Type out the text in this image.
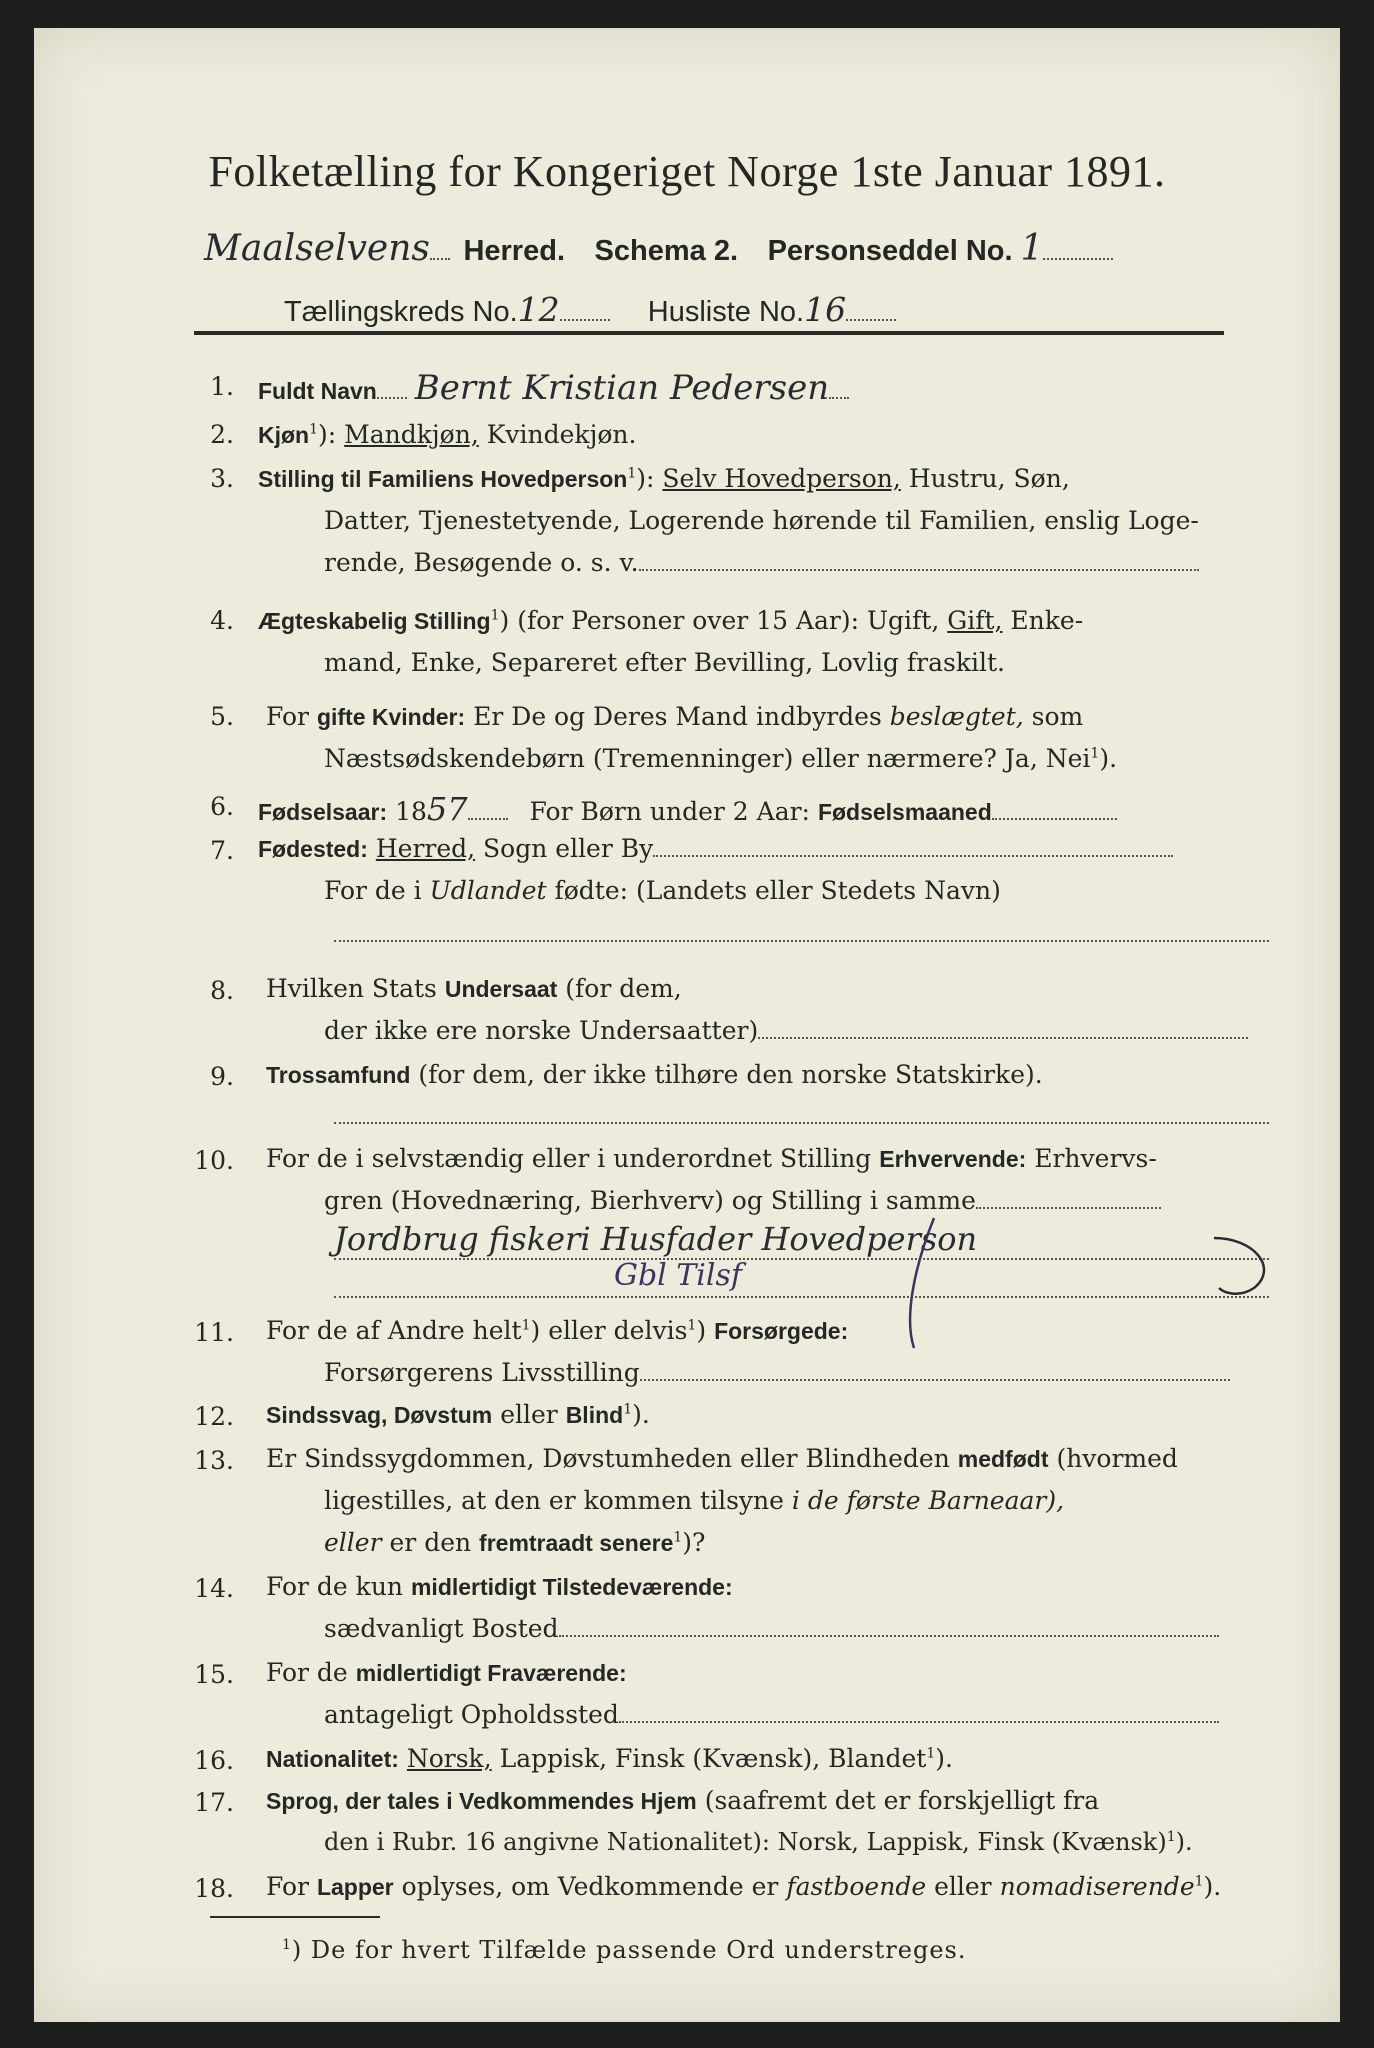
Folketælling for Kongeriget Norge 1ste Januar 1891.
Maalselvens Herred. Schema 2. Personseddel No. 1
Tællingskreds No.12	Husliste No.16
1. Fuldt Navn Bernt Kristian Pedersen
2. Kjøn$^1$): Mandkjøn, Kvindekjøn.
3. Stilling til Familiens Hovedperson$^1$): Selv Hovedperson, Hustru, Søn,
Datter, Tjenestetyende, Logerende hørende til Familien, enslig Loge-
rende, Besøgende o. s. v.
4. Ægteskabelig Stilling$^1$) (for Personer over 15 Aar): Ugift, Gift, Enke-
mand, Enke, Separeret efter Bevilling, Lovlig fraskilt.
5. For gifte Kvinder: Er De og Deres Mand indbyrdes beslægtet, som
Næstsødskendebørn (Tremenninger) eller nærmere? Ja, Nei$^1$).
6. Fødselsaar: 1857 For Børn under 2 Aar: Fødselsmaaned
7. Fødested: Herred, Sogn eller By
For de i Udlandet fødte: (Landets eller Stedets Navn)
8. Hvilken Stats Undersaat (for dem,
der ikke ere norske Undersaatter)
9. Trossamfund (for dem, der ikke tilhøre den norske Statskirke).
10. For de i selvstændig eller i underordnet Stilling Erhvervende: Erhvervs-
gren (Hovednæring, Bierhverv) og Stilling i samme
Jordbrug fiskeri Husfader Hovedperson
Gbl Tilsf
11. For de af Andre helt$^1$) eller delvis$^1$) Forsørgede:
Forsørgerens Livsstilling
12. Sindssvag, Døvstum eller Blind$^1$).
13. Er Sindssygdommen, Døvstumheden eller Blindheden medfødt (hvormed
ligestilles, at den er kommen tilsyne i de første Barneaar),
eller er den fremtraadt senere$^1$)?
14. For de kun midlertidigt Tilstedeværende:
sædvanligt Bosted
15. For de midlertidigt Fraværende:
antageligt Opholdssted
16. Nationalitet: Norsk, Lappisk, Finsk (Kvænsk), Blandet$^1$).
17. Sprog, der tales i Vedkommendes Hjem (saafremt det er forskjelligt fra
den i Rubr. 16 angivne Nationalitet): Norsk, Lappisk, Finsk (Kvænsk)$^1$).
18. For Lapper oplyses, om Vedkommende er fastboende eller nomadiserende$^1$).
$^1$) De for hvert Tilfælde passende Ord understreges.
